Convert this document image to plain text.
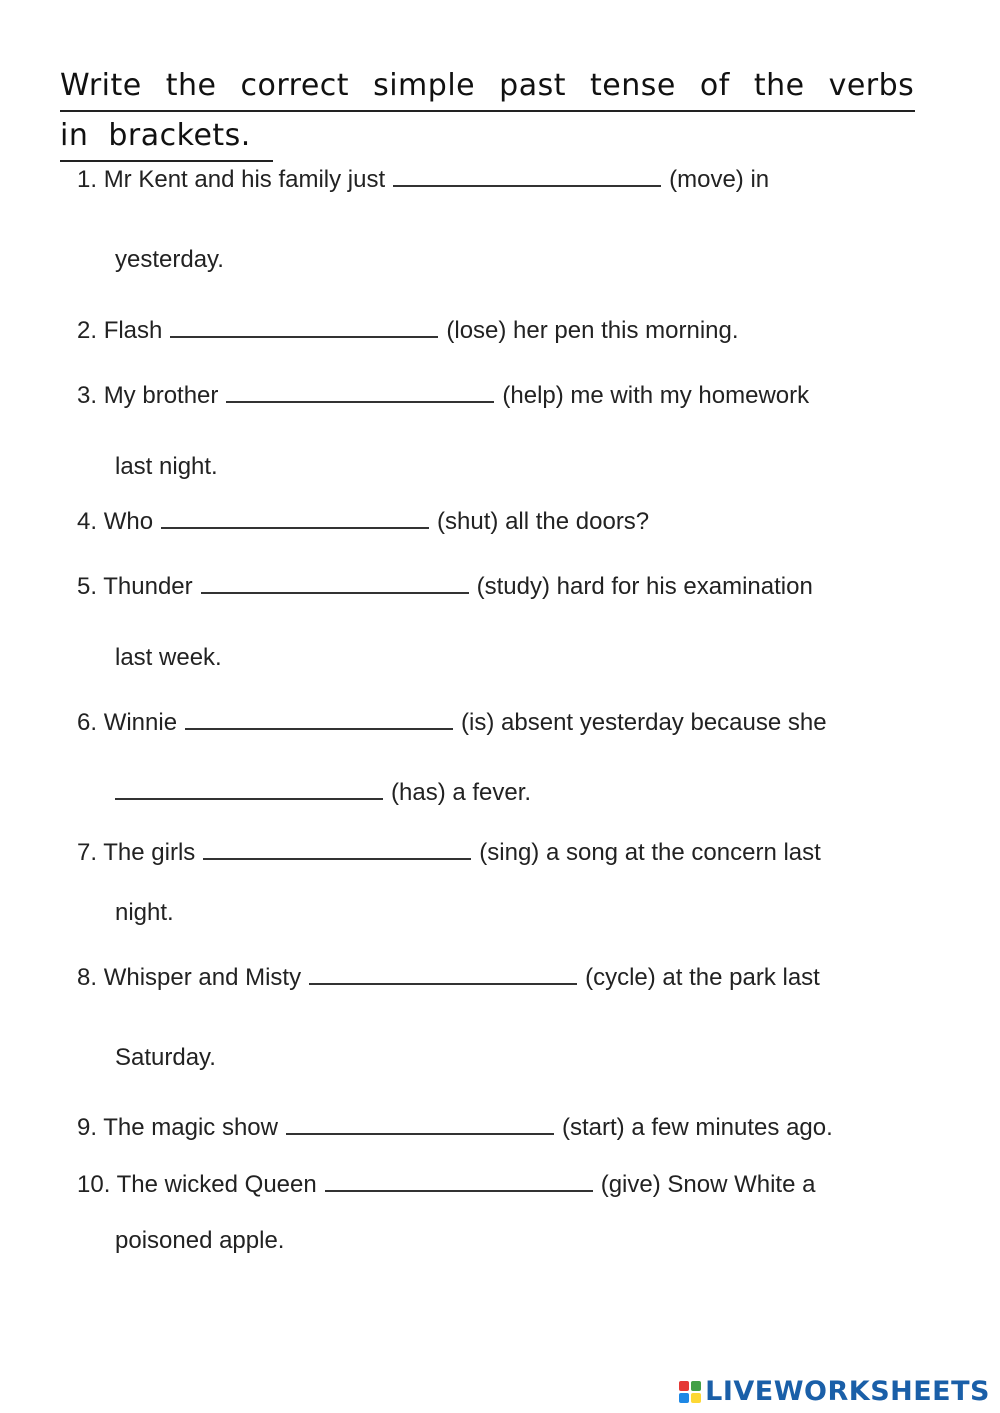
Write the correct simple past tense of the verbs
in brackets.
1. Mr Kent and his family just	(move) in
yesterday.
2. Flash	(lose) her pen this morning.
3. My brother	(help) me with my homework
last night.
4. Who	(shut) all the doors?
5. Thunder	(study) hard for his examination
last week.
6. Winnie	(is) absent yesterday because she
(has) a fever.
7. The girls	(sing) a song at the concern last
night.
8. Whisper and Misty	(cycle) at the park last
Saturday.
9. The magic show	(start) a few minutes ago.
10. The wicked Queen	(give) Snow White a
poisoned apple.
LIVEWORKSHEETS
